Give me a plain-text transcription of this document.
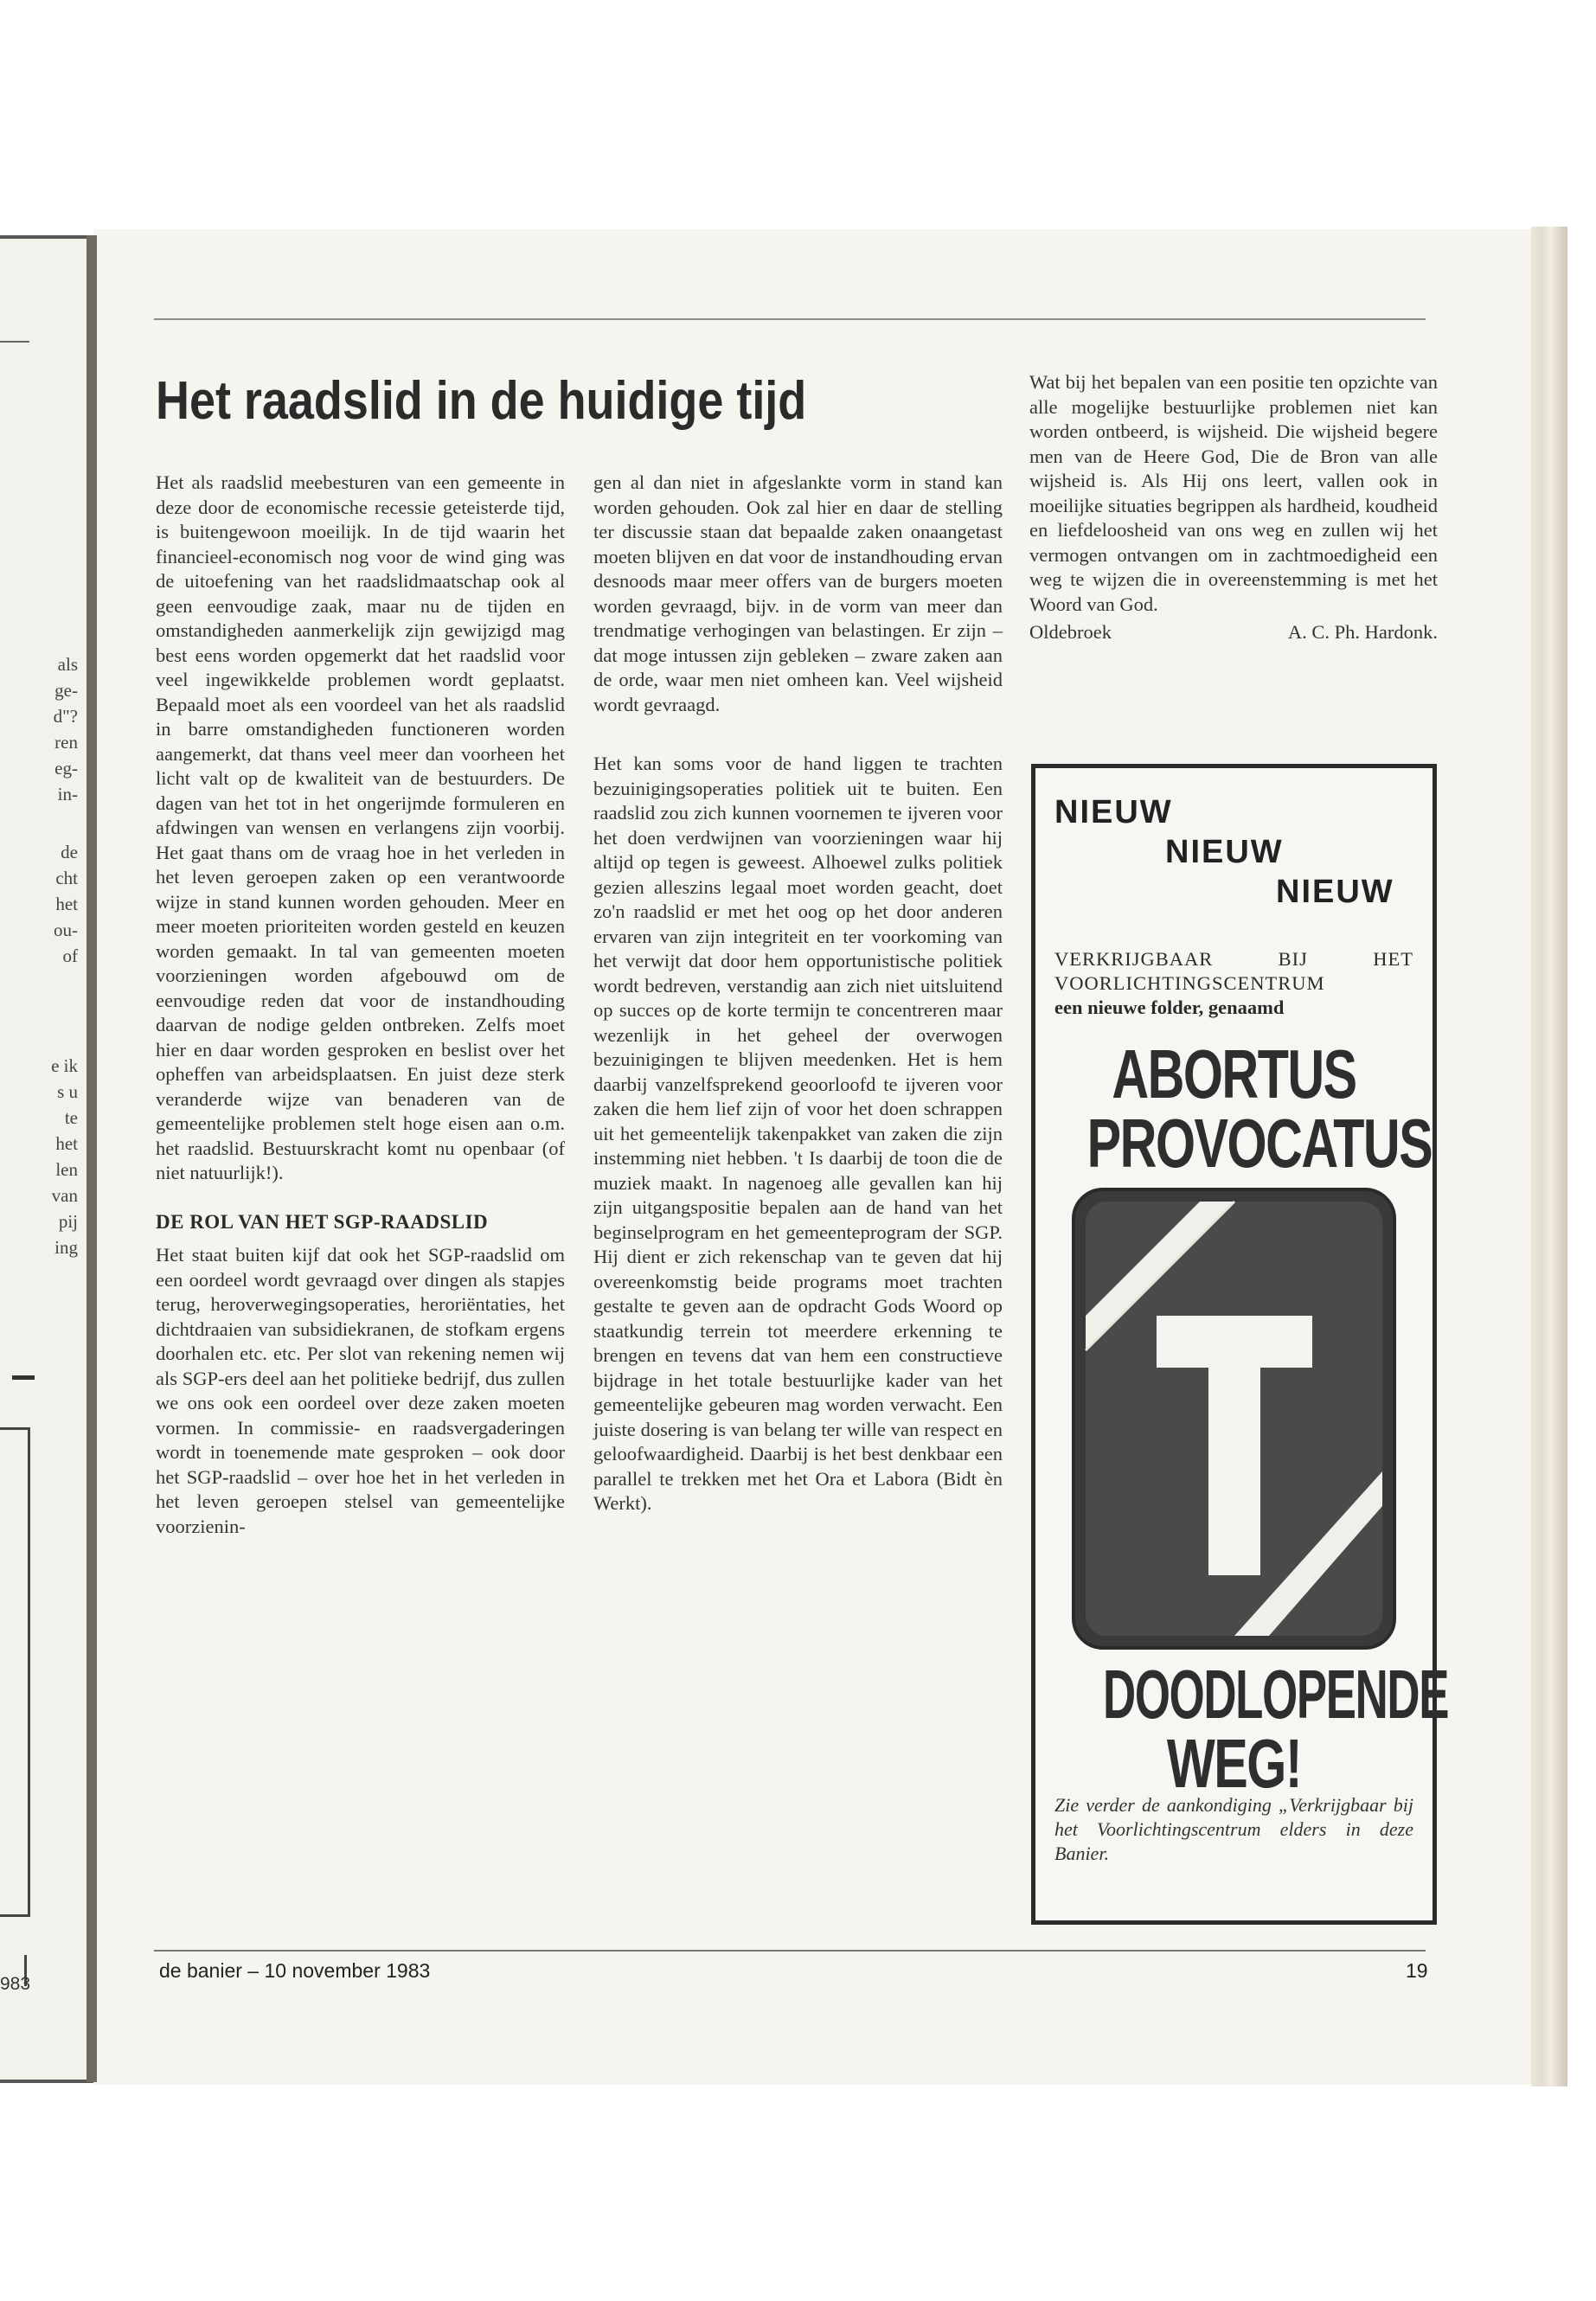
als
ge-
d"?
ren
eg-
in-
de
cht
het
ou-
of
e ik
s u
te
het
len
van
pij
ing
983
Het raadslid in de huidige tijd

Het als raadslid meebesturen van een gemeente in deze door de economische recessie geteisterde tijd, is buitengewoon moeilijk. In de tijd waarin het financieel-economisch nog voor de wind ging was de uitoefening van het raadslidmaatschap ook al geen eenvoudige zaak, maar nu de tijden en omstandigheden aanmerkelijk zijn gewijzigd mag best eens worden opgemerkt dat het raadslid voor veel ingewikkelde problemen wordt geplaatst. Bepaald moet als een voordeel van het als raadslid in barre omstandigheden functioneren worden aangemerkt, dat thans veel meer dan voorheen het licht valt op de kwaliteit van de bestuurders. De dagen van het tot in het ongerijmde formuleren en afdwingen van wensen en verlangens zijn voorbij. Het gaat thans om de vraag hoe in het verleden in het leven geroepen zaken op een verantwoorde wijze in stand kunnen worden gehouden. Meer en meer moeten prioriteiten worden gesteld en keuzen worden gemaakt. In tal van gemeenten moeten voorzieningen worden afgebouwd om de eenvoudige reden dat voor de instandhouding daarvan de nodige gelden ontbreken. Zelfs moet hier en daar worden gesproken en beslist over het opheffen van arbeidsplaatsen. En juist deze sterk veranderde wijze van benaderen van de gemeentelijke problemen stelt hoge eisen aan o.m. het raadslid. Bestuurskracht komt nu openbaar (of niet natuurlijk!).

DE ROL VAN HET SGP-RAADSLID

Het staat buiten kijf dat ook het SGP-raadslid om een oordeel wordt gevraagd over dingen als stapjes terug, heroverwegingsoperaties, heroriëntaties, het dichtdraaien van subsidiekranen, de stofkam ergens doorhalen etc. etc. Per slot van rekening nemen wij als SGP-ers deel aan het politieke bedrijf, dus zullen we ons ook een oordeel over deze zaken moeten vormen. In commissie- en raadsvergaderingen wordt in toenemende mate gesproken – ook door het SGP-raadslid – over hoe het in het verleden in het leven geroepen stelsel van gemeentelijke voorzienin-

gen al dan niet in afgeslankte vorm in stand kan worden gehouden. Ook zal hier en daar de stelling ter discussie staan dat bepaalde zaken onaangetast moeten blijven en dat voor de instandhouding ervan desnoods maar meer offers van de burgers moeten worden gevraagd, bijv. in de vorm van meer dan trendmatige verhogingen van belastingen. Er zijn – dat moge intussen zijn gebleken – zware zaken aan de orde, waar men niet omheen kan. Veel wijsheid wordt gevraagd.

Het kan soms voor de hand liggen te trachten bezuinigingsoperaties politiek uit te buiten. Een raadslid zou zich kunnen voornemen te ijveren voor het doen verdwijnen van voorzieningen waar hij altijd op tegen is geweest. Alhoewel zulks politiek gezien alleszins legaal moet worden geacht, doet zo'n raadslid er met het oog op het door anderen ervaren van zijn integriteit en ter voorkoming van het verwijt dat door hem opportunistische politiek wordt bedreven, verstandig aan zich niet uitsluitend op succes op de korte termijn te concentreren maar wezenlijk in het geheel der overwogen bezuinigingen te blijven meedenken. Het is hem daarbij vanzelfsprekend geoorloofd te ijveren voor zaken die hem lief zijn of voor het doen schrappen uit het gemeentelijk takenpakket van zaken die zijn instemming niet hebben. 't Is daarbij de toon die de muziek maakt. In nagenoeg alle gevallen kan hij zijn uitgangspositie bepalen aan de hand van het beginselprogram en het gemeenteprogram der SGP. Hij dient er zich rekenschap van te geven dat hij overeenkomstig beide programs moet trachten gestalte te geven aan de opdracht Gods Woord op staatkundig terrein tot meerdere erkenning te brengen en tevens dat van hem een constructieve bijdrage in het totale bestuurlijke kader van het gemeentelijke gebeuren mag worden verwacht. Een juiste dosering is van belang ter wille van respect en geloofwaardigheid. Daarbij is het best denkbaar een parallel te trekken met het Ora et Labora (Bidt èn Werkt).

Wat bij het bepalen van een positie ten opzichte van alle mogelijke bestuurlijke problemen niet kan worden ontbeerd, is wijsheid. Die wijsheid begere men van de Heere God, Die de Bron van alle wijsheid is. Als Hij ons leert, vallen ook in moeilijke situaties begrippen als hardheid, koudheid en liefdeloosheid van ons weg en zullen wij het vermogen ontvangen om in zachtmoedigheid een weg te wijzen die in overeenstemming is met het Woord van God.

Oldebroek	A. C. Ph. Hardonk.
NIEUW
NIEUW
NIEUW
VERKRIJGBAAR	BIJ	HET
VOORLICHTINGSCENTRUM
een nieuwe folder, genaamd
ABORTUS
PROVOCATUS
DOODLOPENDE
WEG!
Zie verder de aankondiging „Verkrijgbaar bij het Voorlichtingscentrum elders in deze Banier.
de banier – 10 november 1983	19
